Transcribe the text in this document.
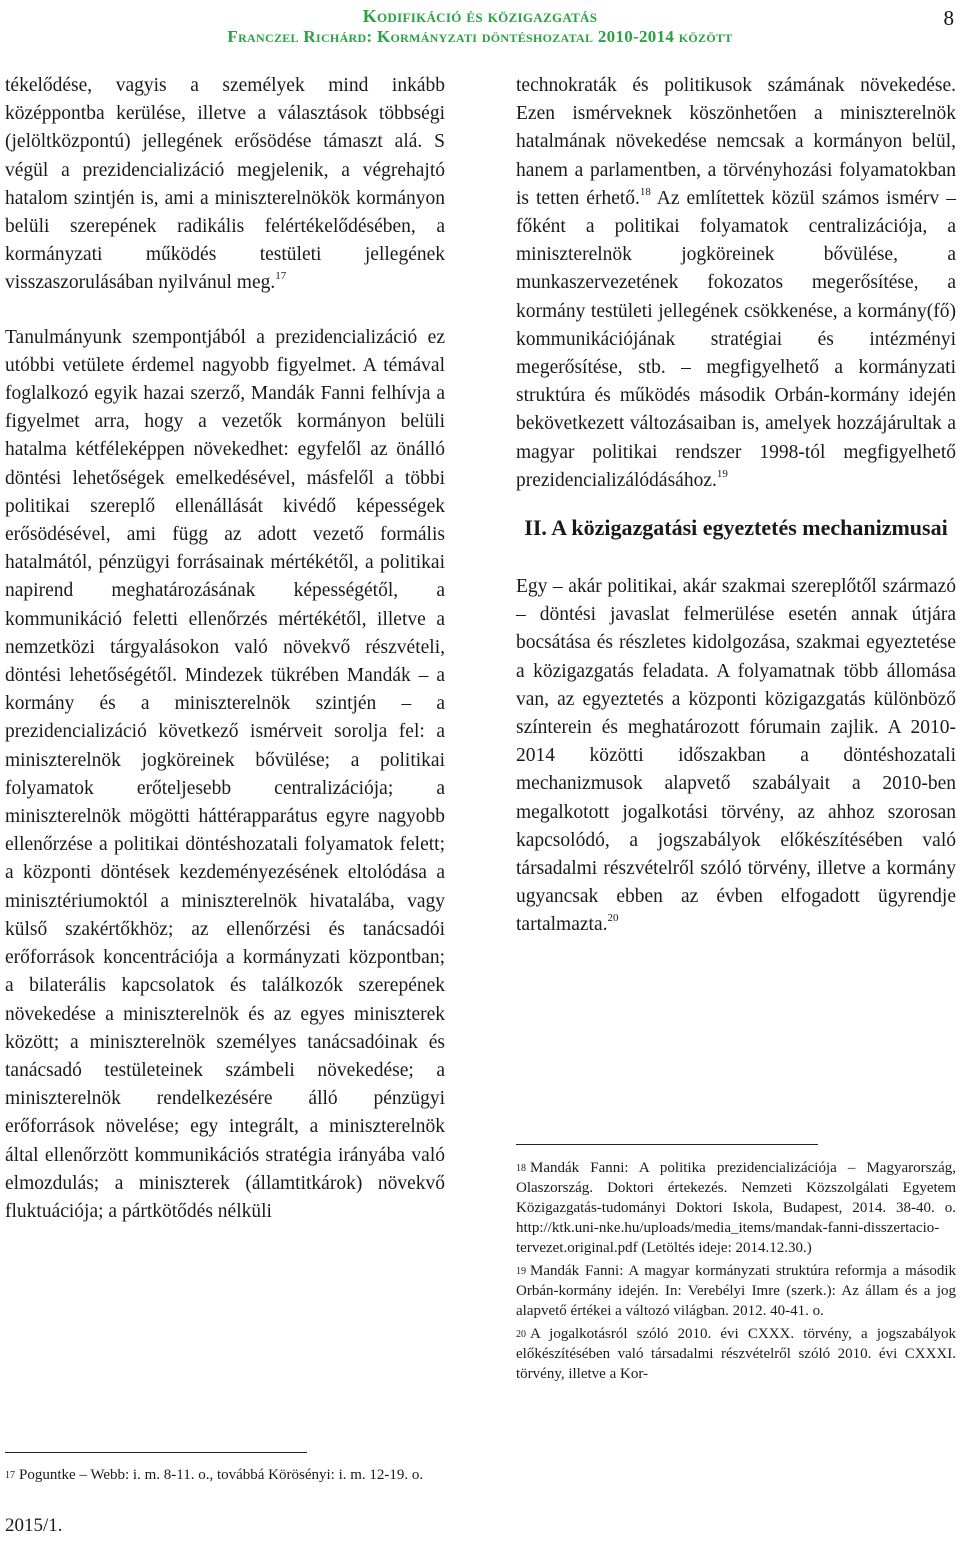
Kodifikáció és közigazgatás
Franczel Richárd: Kormányzati döntéshozatal 2010-2014 között
8

tékelődése, vagyis a személyek mind inkább középpontba kerülése, illetve a választások többségi (jelöltközpontú) jellegének erősödése támaszt alá. S végül a prezidencializáció megjelenik, a végrehajtó hatalom szintjén is, ami a miniszterelnökök kormányon belüli szerepének radikális felértékelődésében, a kormányzati működés testületi jellegének visszaszorulásában nyilvánul meg.$^{17}$

Tanulmányunk szempontjából a prezidencializáció ez utóbbi vetülete érdemel nagyobb figyelmet. A témával foglalkozó egyik hazai szerző, Mandák Fanni felhívja a figyelmet arra, hogy a vezetők kormányon belüli hatalma kétféleképpen növekedhet: egyfelől az önálló döntési lehetőségek emelkedésével, másfelől a többi politikai szereplő ellenállását kivédő képességek erősödésével, ami függ az adott vezető formális hatalmától, pénzügyi forrásainak mértékétől, a politikai napirend meghatározásának képességétől, a kommunikáció feletti ellenőrzés mértékétől, illetve a nemzetközi tárgyalásokon való növekvő részvételi, döntési lehetőségétől. Mindezek tükrében Mandák – a kormány és a miniszterelnök szintjén – a prezidencializáció következő ismérveit sorolja fel: a miniszterelnök jogköreinek bővülése; a politikai folyamatok erőteljesebb centralizációja; a miniszterelnök mögötti háttérapparátus egyre nagyobb ellenőrzése a politikai döntéshozatali folyamatok felett; a központi döntések kezdeményezésének eltolódása a minisztériumoktól a miniszterelnök hivatalába, vagy külső szakértőkhöz; az ellenőrzési és tanácsadói erőforrások koncentrációja a kormányzati központban; a bilaterális kapcsolatok és találkozók szerepének növekedése a miniszterelnök és az egyes miniszterek között; a miniszterelnök személyes tanácsadóinak és tanácsadó testületeinek számbeli növekedése; a miniszterelnök rendelkezésére álló pénzügyi erőforrások növelése; egy integrált, a miniszterelnök által ellenőrzött kommunikációs stratégia irányába való elmozdulás; a miniszterek (államtitkárok) növekvő fluktuációja; a pártkötődés nélküli

$^{17}$ Poguntke – Webb: i. m. 8-11. o., továbbá Körösényi: i. m. 12-19. o.

technokraták és politikusok számának növekedése. Ezen ismérveknek köszönhetően a miniszterelnök hatalmának növekedése nemcsak a kormányon belül, hanem a parlamentben, a törvényhozási folyamatokban is tetten érhető.$^{18}$ Az említettek közül számos ismérv – főként a politikai folyamatok centralizációja, a miniszterelnök jogköreinek bővülése, a munkaszervezetének fokozatos megerősítése, a kormány testületi jellegének csökkenése, a kormány(fő) kommunikációjának stratégiai és intézményi megerősítése, stb. – megfigyelhető a kormányzati struktúra és működés második Orbán-kormány idején bekövetkezett változásaiban is, amelyek hozzájárultak a magyar politikai rendszer 1998-tól megfigyelhető prezidencializálódásához.$^{19}$

II. A közigazgatási egyeztetés mechanizmusai

Egy – akár politikai, akár szakmai szereplőtől származó – döntési javaslat felmerülése esetén annak útjára bocsátása és részletes kidolgozása, szakmai egyeztetése a közigazgatás feladata. A folyamatnak több állomása van, az egyeztetés a központi közigazgatás különböző színterein és meghatározott fórumain zajlik. A 2010-2014 közötti időszakban a döntéshozatali mechanizmusok alapvető szabályait a 2010-ben megalkotott jogalkotási törvény, az ahhoz szorosan kapcsolódó, a jogszabályok előkészítésében való társadalmi részvételről szóló törvény, illetve a kormány ugyancsak ebben az évben elfogadott ügyrendje tartalmazta.$^{20}$

$^{18}$ Mandák Fanni: A politika prezidencializációja – Magyarország, Olaszország. Doktori értekezés. Nemzeti Közszolgálati Egyetem Közigazgatás-tudományi Doktori Iskola, Budapest, 2014. 38-40. o. http://ktk.uni-nke.hu/uploads/media_items/mandak-fanni-disszertacio-tervezet.original.pdf (Letöltés ideje: 2014.12.30.)

$^{19}$ Mandák Fanni: A magyar kormányzati struktúra reformja a második Orbán-kormány idején. In: Verebélyi Imre (szerk.): Az állam és a jog alapvető értékei a változó világban. 2012. 40-41. o.

$^{20}$ A jogalkotásról szóló 2010. évi CXXX. törvény, a jogszabályok előkészítésében való társadalmi részvételről szóló 2010. évi CXXXI. törvény, illetve a Kor-

2015/1.
